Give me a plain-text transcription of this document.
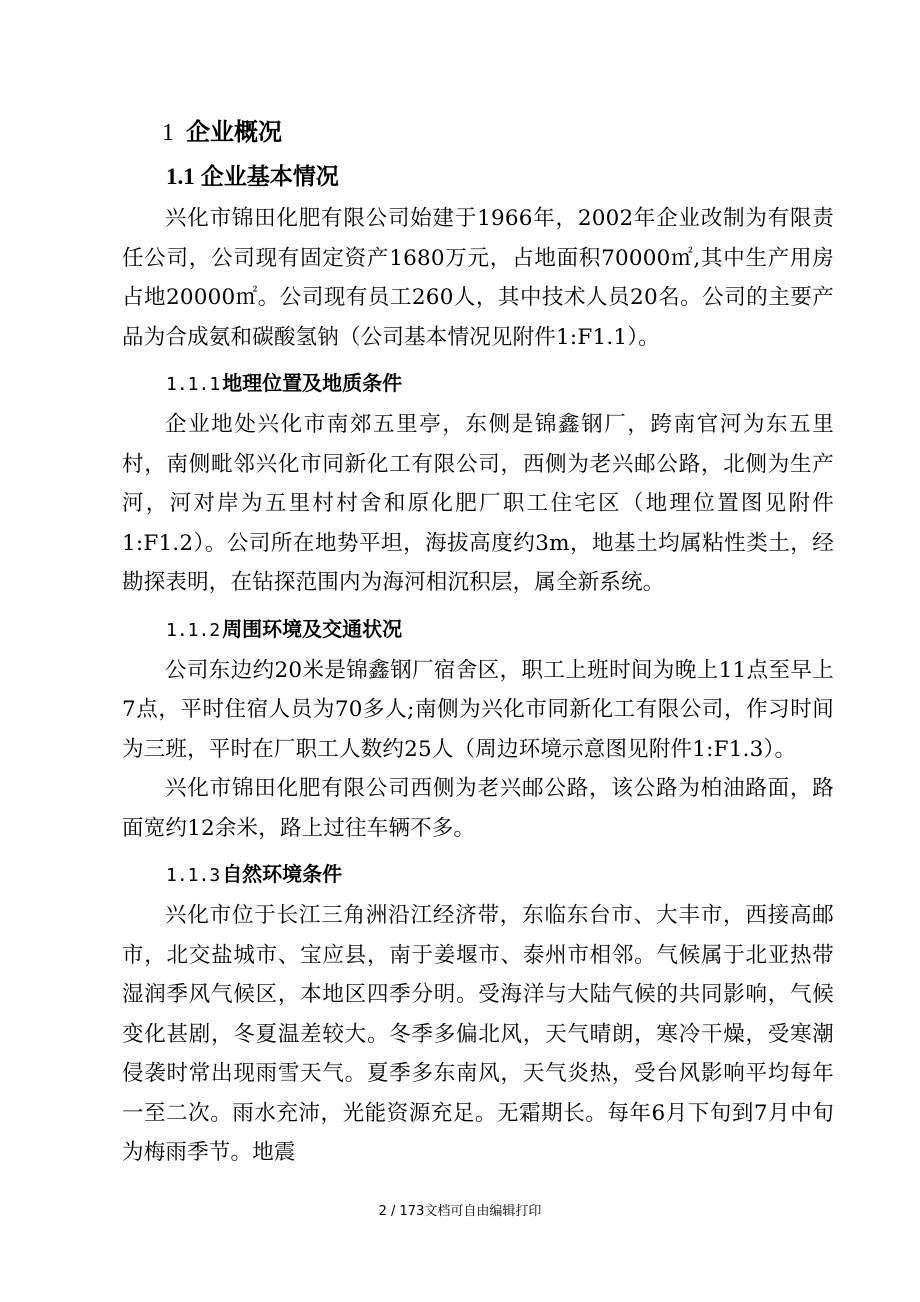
1 企业概况
1.1 企业基本情况

兴化市锦田化肥有限公司始建于1966年，2002年企业改制为有限责任公司，公司现有固定资产1680万元，占地面积70000㎡,其中生产用房占地20000㎡。公司现有员工260人，其中技术人员20名。公司的主要产品为合成氨和碳酸氢钠（公司基本情况见附件1:F1.1）。

1.1.1 地理位置及地质条件

企业地处兴化市南郊五里亭，东侧是锦鑫钢厂，跨南官河为东五里村，南侧毗邻兴化市同新化工有限公司，西侧为老兴邮公路，北侧为生产河，河对岸为五里村村舍和原化肥厂职工住宅区（地理位置图见附件1:F1.2）。公司所在地势平坦，海拔高度约3m，地基土均属粘性类土，经勘探表明，在钻探范围内为海河相沉积层，属全新系统。

1.1.2 周围环境及交通状况

公司东边约20米是锦鑫钢厂宿舍区，职工上班时间为晚上11点至早上7点，平时住宿人员为70多人;南侧为兴化市同新化工有限公司，作习时间为三班，平时在厂职工人数约25人（周边环境示意图见附件1:F1.3）。

兴化市锦田化肥有限公司西侧为老兴邮公路，该公路为柏油路面，路面宽约12余米，路上过往车辆不多。

1.1.3 自然环境条件

兴化市位于长江三角洲沿江经济带，东临东台市、大丰市，西接高邮市，北交盐城市、宝应县，南于姜堰市、泰州市相邻。气候属于北亚热带湿润季风气候区，本地区四季分明。受海洋与大陆气候的共同影响，气候变化甚剧，冬夏温差较大。冬季多偏北风，天气晴朗，寒冷干燥，受寒潮侵袭时常出现雨雪天气。夏季多东南风，天气炎热，受台风影响平均每年一至二次。雨水充沛，光能资源充足。无霜期长。每年6月下旬到7月中旬为梅雨季节。地震

2 / 173文档可自由编辑打印
